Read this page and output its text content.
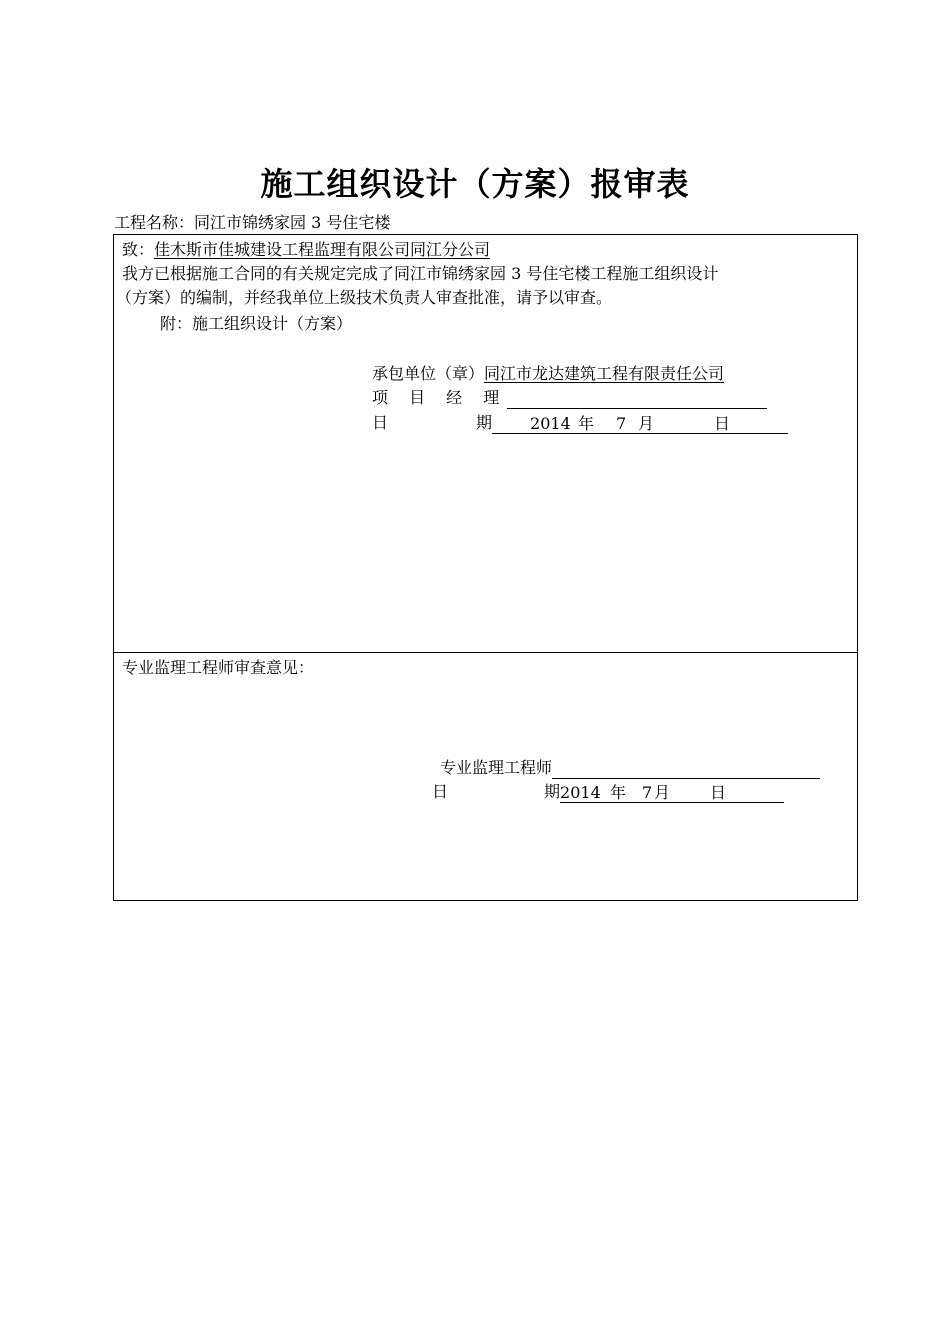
施工组织设计（方案）报审表
工程名称：同江市锦绣家园 3 号住宅楼
致：佳木斯市佳城建设工程监理有限公司同江分公司
我方已根据施工合同的有关规定完成了同江市锦绣家园 3 号住宅楼工程施工组织设计
（方案）的编制，并经我单位上级技术负责人审查批准，请予以审查。
附：施工组织设计（方案）
承包单位（章）同江市龙达建筑工程有限责任公司
项 目 经 理
日	期 2014 年 7 月	日
专业监理工程师审查意见：
专业监理工程师
日	期 2014 年 7 月 日
